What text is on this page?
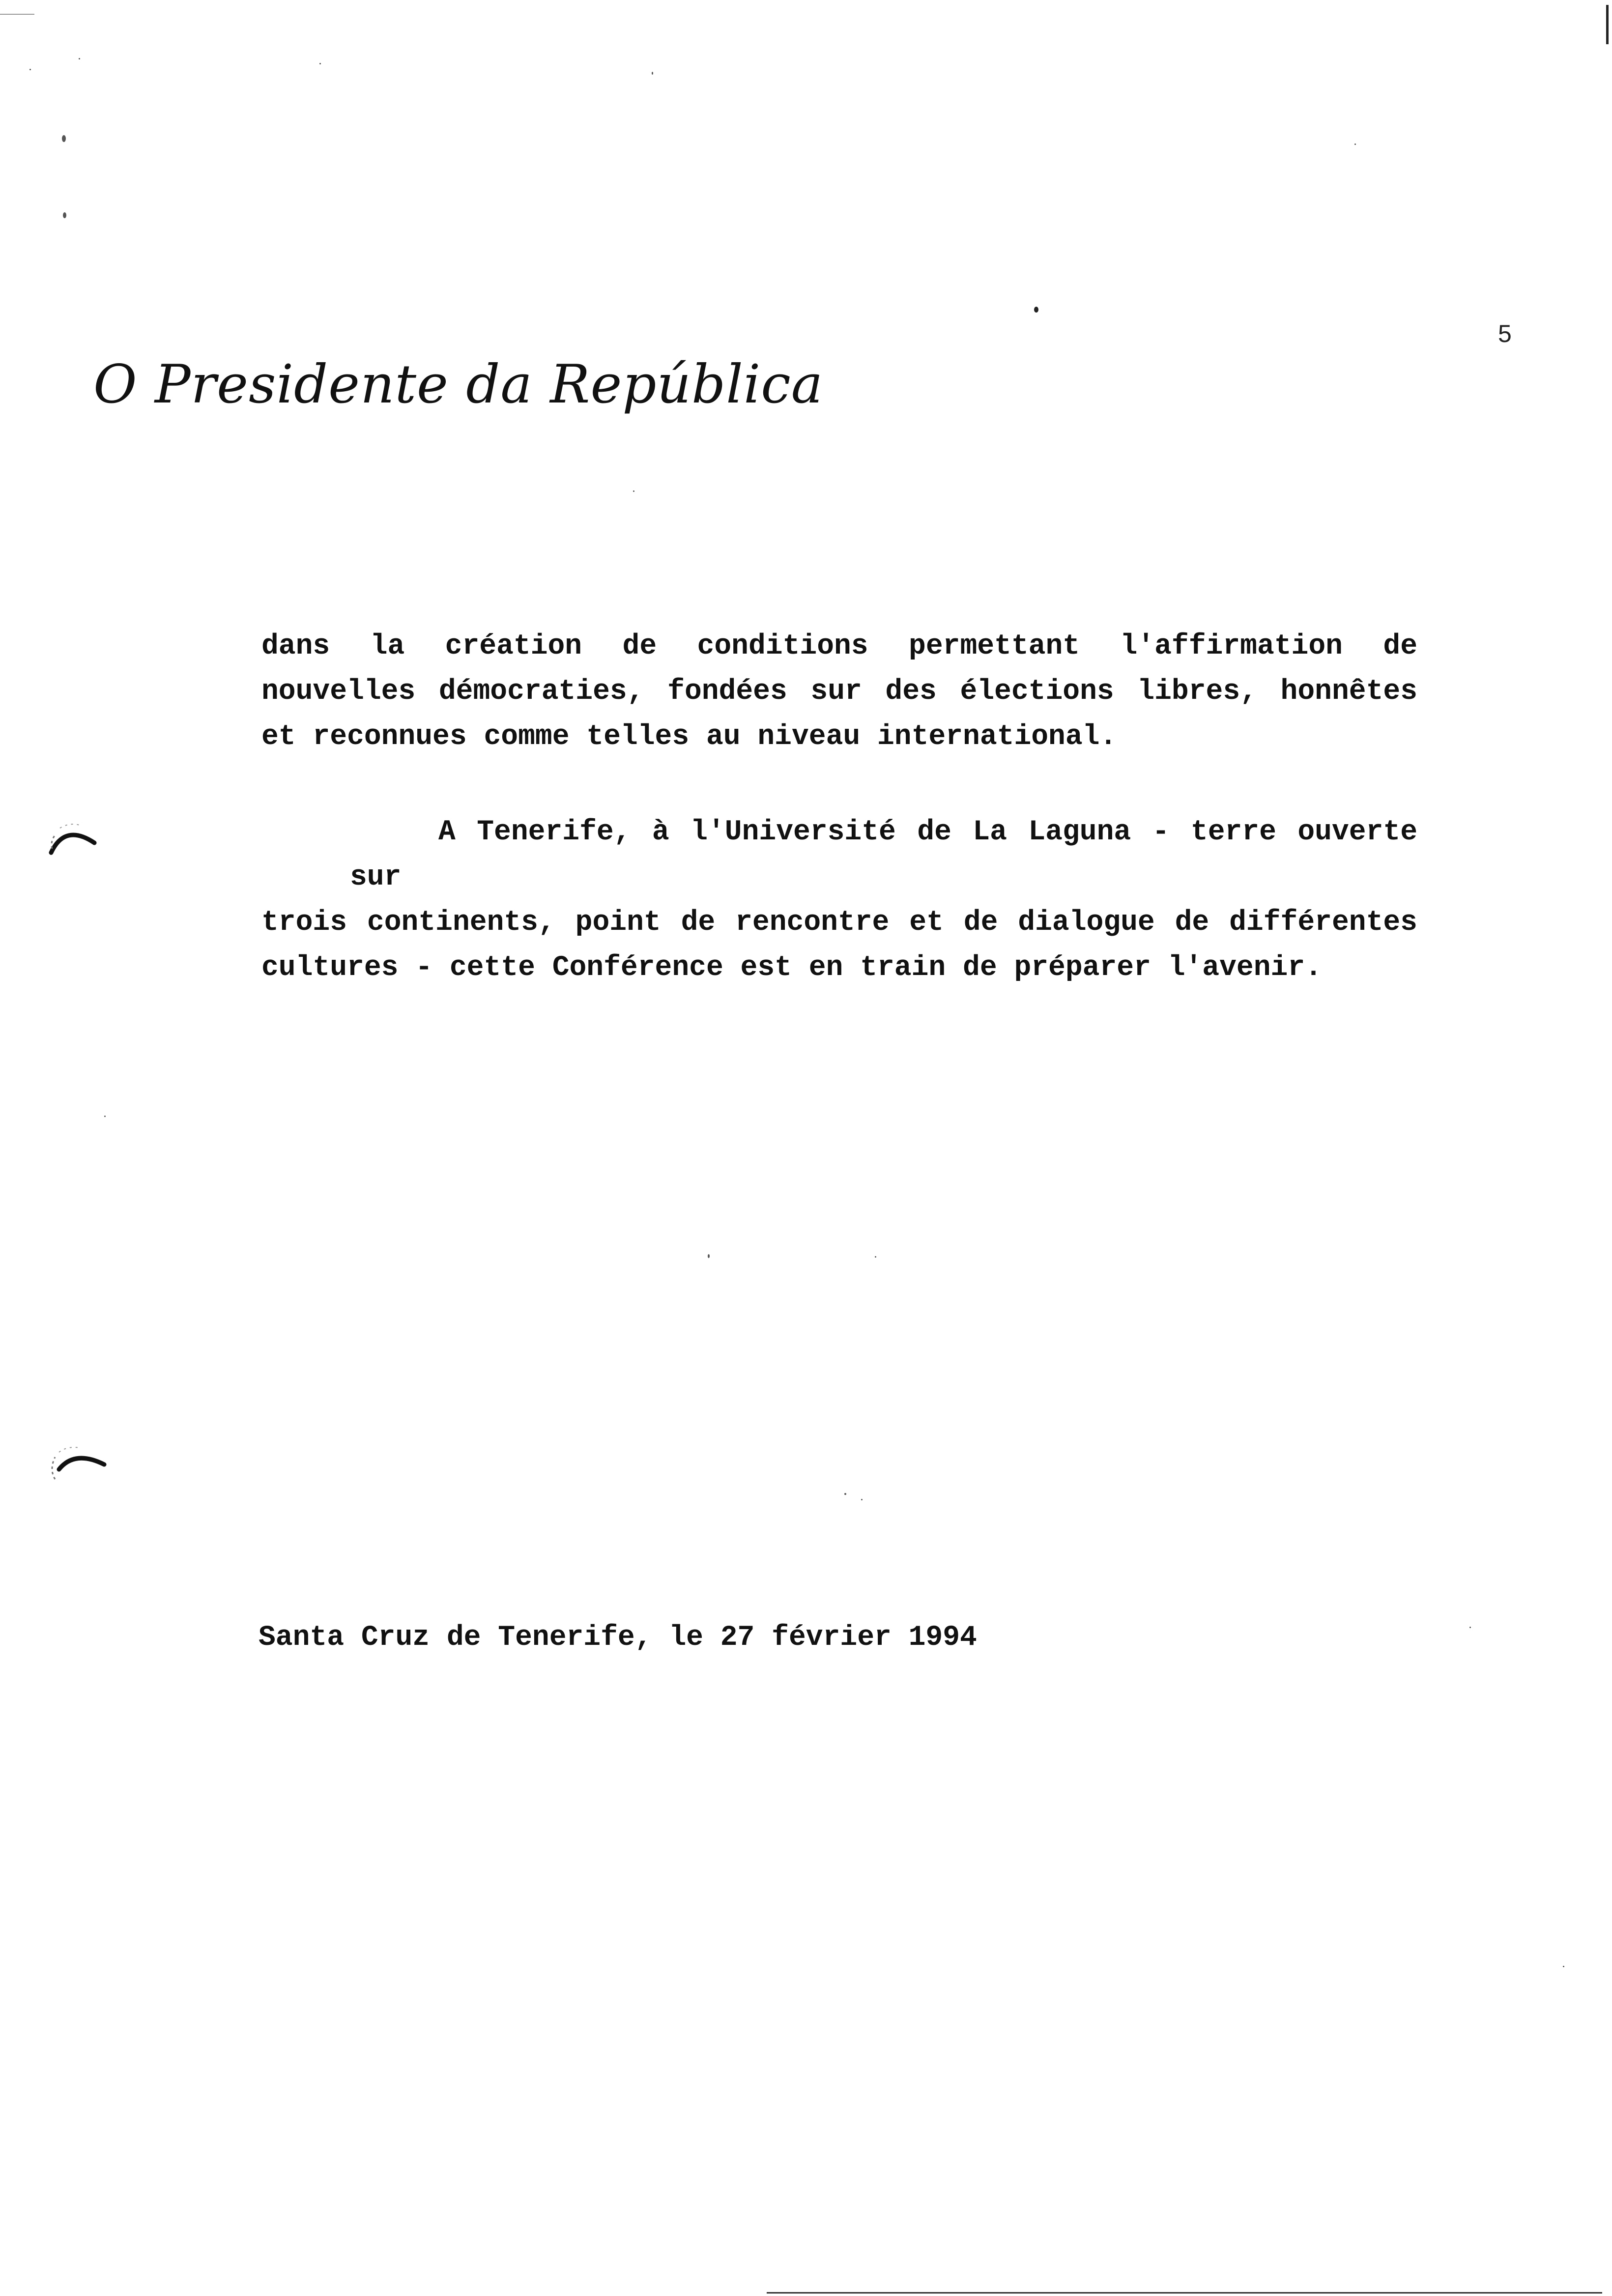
5
O Presidente da República
dans la création de conditions permettant l'affirmation de
nouvelles démocraties, fondées sur des élections libres, honnêtes
et reconnues comme telles au niveau international.
A Tenerife, à l'Université de La Laguna - terre ouverte sur
trois continents, point de rencontre et de dialogue de différentes
cultures - cette Conférence est en train de préparer l'avenir.
Santa Cruz de Tenerife, le 27 février 1994
